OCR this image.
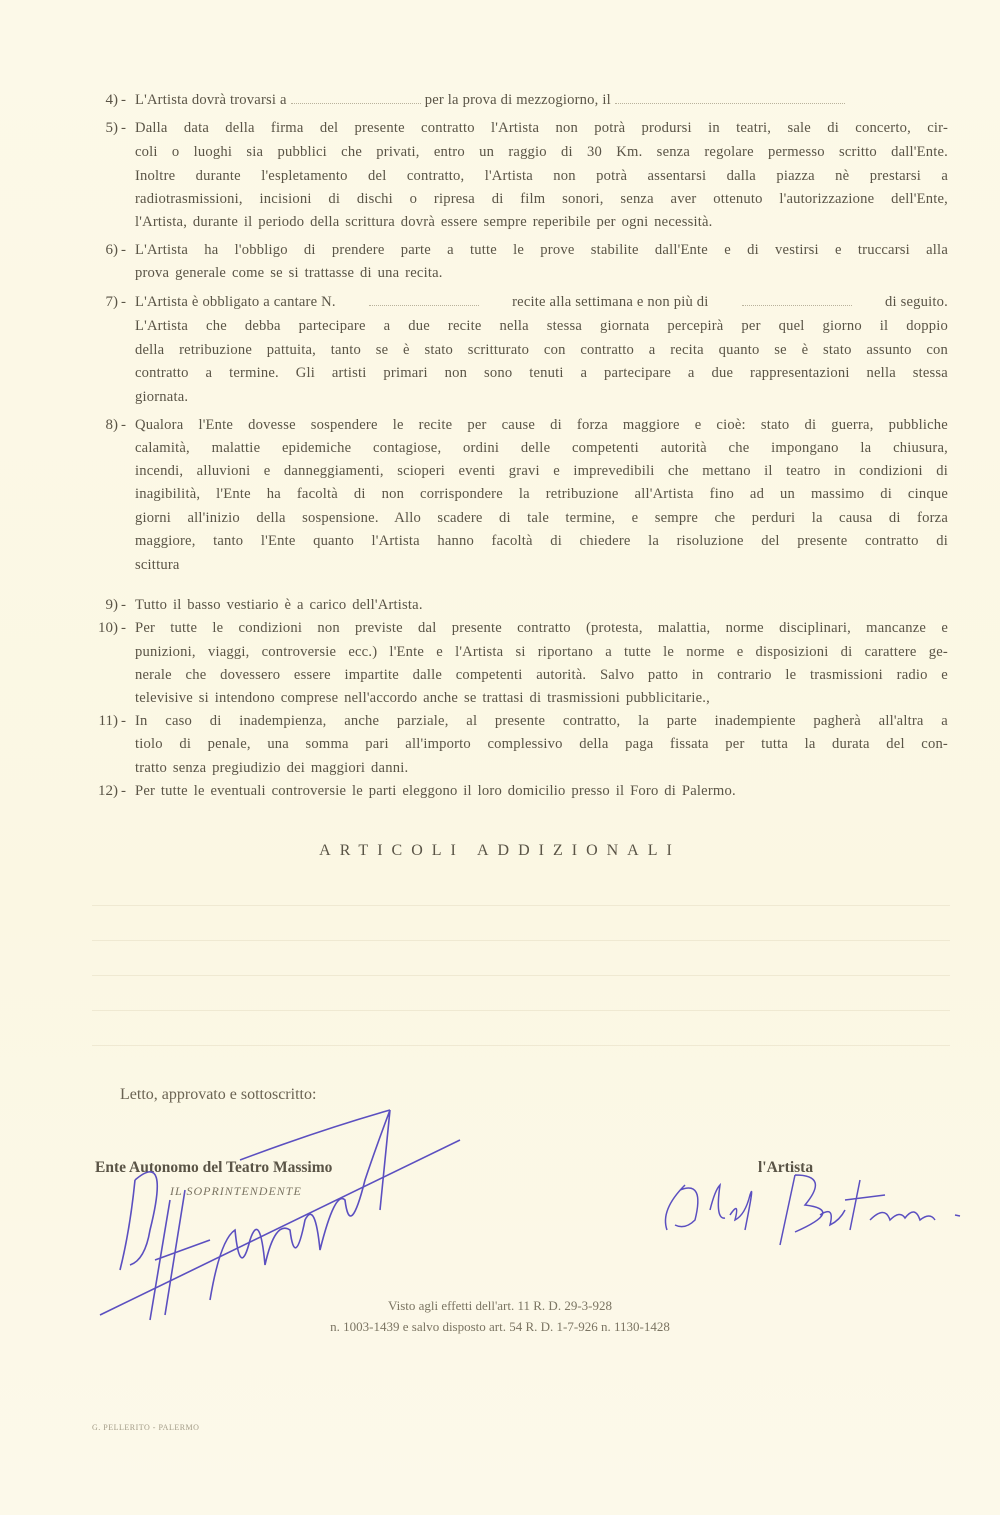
4) - L'Artista dovrà trovarsi a	per la prova di mezzogiorno, il
5) - Dalla data della firma del presente contratto l'Artista non potrà prodursi in teatri, sale di concerto, cir-
coli o luoghi sia pubblici che privati, entro un raggio di 30 Km. senza regolare permesso scritto dall'Ente.
Inoltre durante l'espletamento del contratto, l'Artista non potrà assentarsi dalla piazza nè prestarsi a
radiotrasmissioni, incisioni di dischi o ripresa di film sonori, senza aver ottenuto l'autorizzazione dell'Ente,
l'Artista, durante il periodo della scrittura dovrà essere sempre reperibile per ogni necessità.
6) - L'Artista ha l'obbligo di prendere parte a tutte le prove stabilite dall'Ente e di vestirsi e truccarsi alla
prova generale come se si trattasse di una recita.
7) - L'Artista è obbligato a cantare N.	recite alla settimana e non più di	di seguito.
L'Artista che debba partecipare a due recite nella stessa giornata percepirà per quel giorno il doppio
della retribuzione pattuita, tanto se è stato scritturato con contratto a recita quanto se è stato assunto con
contratto a termine. Gli artisti primari non sono tenuti a partecipare a due rappresentazioni nella stessa
giornata.
8) - Qualora l'Ente dovesse sospendere le recite per cause di forza maggiore e cioè: stato di guerra, pubbliche
calamità, malattie epidemiche contagiose, ordini delle competenti autorità che impongano la chiusura,
incendi, alluvioni e danneggiamenti, scioperi eventi gravi e imprevedibili che mettano il teatro in condizioni di
inagibilità, l'Ente ha facoltà di non corrispondere la retribuzione all'Artista fino ad un massimo di cinque
giorni all'inizio della sospensione. Allo scadere di tale termine, e sempre che perduri la causa di forza
maggiore, tanto l'Ente quanto l'Artista hanno facoltà di chiedere la risoluzione del presente contratto di
scittura
9) - Tutto il basso vestiario è a carico dell'Artista.
10) - Per tutte le condizioni non previste dal presente contratto (protesta, malattia, norme disciplinari, mancanze e
punizioni, viaggi, controversie ecc.) l'Ente e l'Artista si riportano a tutte le norme e disposizioni di carattere ge-
nerale che dovessero essere impartite dalle competenti autorità. Salvo patto in contrario le trasmissioni radio e
televisive si intendono comprese nell'accordo anche se trattasi di trasmissioni pubblicitarie.,
11) - In caso di inadempienza, anche parziale, al presente contratto, la parte inadempiente pagherà all'altra a
tiolo di penale, una somma pari all'importo complessivo della paga fissata per tutta la durata del con-
tratto senza pregiudizio dei maggiori danni.
12) - Per tutte le eventuali controversie le parti eleggono il loro domicilio presso il Foro di Palermo.
ARTICOLI ADDIZIONALI
Letto, approvato e sottoscritto:
Ente Autonomo del Teatro Massimo
IL SOPRINTENDENTE
l'Artista
Visto agli effetti dell'art. 11 R. D. 29-3-928
n. 1003-1439 e salvo disposto art. 54 R. D. 1-7-926 n. 1130-1428
G. PELLERITO - PALERMO
